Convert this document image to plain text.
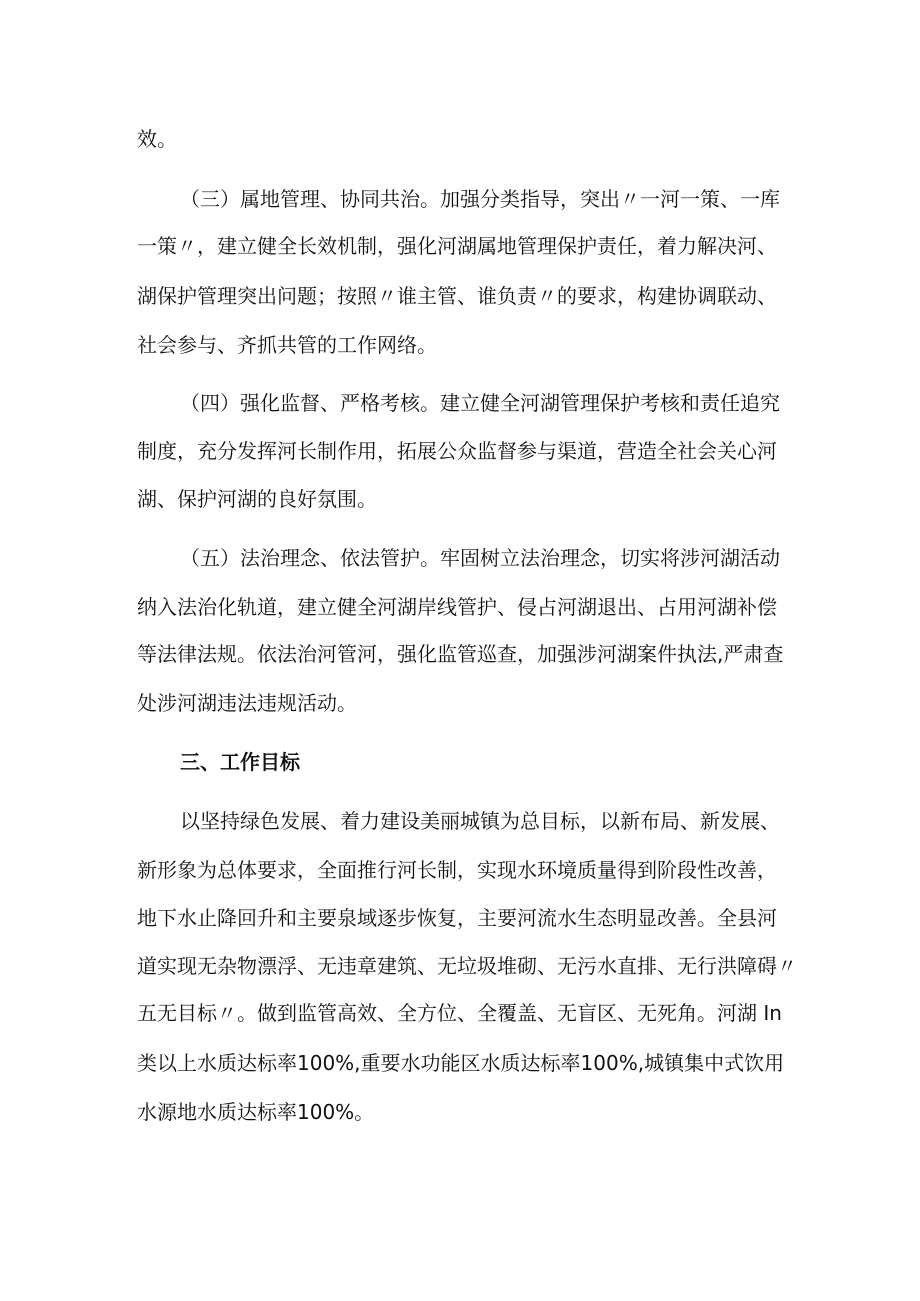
效。
（三）属地管理、协同共治。加强分类指导，突出〃一河一策、一库
一策〃，建立健全长效机制，强化河湖属地管理保护责任，着力解决河、
湖保护管理突出问题；按照〃谁主管、谁负责〃的要求，构建协调联动、
社会参与、齐抓共管的工作网络。
（四）强化监督、严格考核。建立健全河湖管理保护考核和责任追究
制度，充分发挥河长制作用，拓展公众监督参与渠道，营造全社会关心河
湖、保护河湖的良好氛围。
（五）法治理念、依法管护。牢固树立法治理念，切实将涉河湖活动
纳入法治化轨道，建立健全河湖岸线管护、侵占河湖退出、占用河湖补偿
等法律法规。依法治河管河，强化监管巡查，加强涉河湖案件执法,严肃查
处涉河湖违法违规活动。
三、工作目标
以坚持绿色发展、着力建设美丽城镇为总目标，以新布局、新发展、
新形象为总体要求，全面推行河长制，实现水环境质量得到阶段性改善，
地下水止降回升和主要泉域逐步恢复，主要河流水生态明显改善。全县河
道实现无杂物漂浮、无违章建筑、无垃圾堆砌、无污水直排、无行洪障碍〃
五无目标〃。做到监管高效、全方位、全覆盖、无盲区、无死角。河湖 In
类以上水质达标率100%,重要水功能区水质达标率100%,城镇集中式饮用
水源地水质达标率100%。
